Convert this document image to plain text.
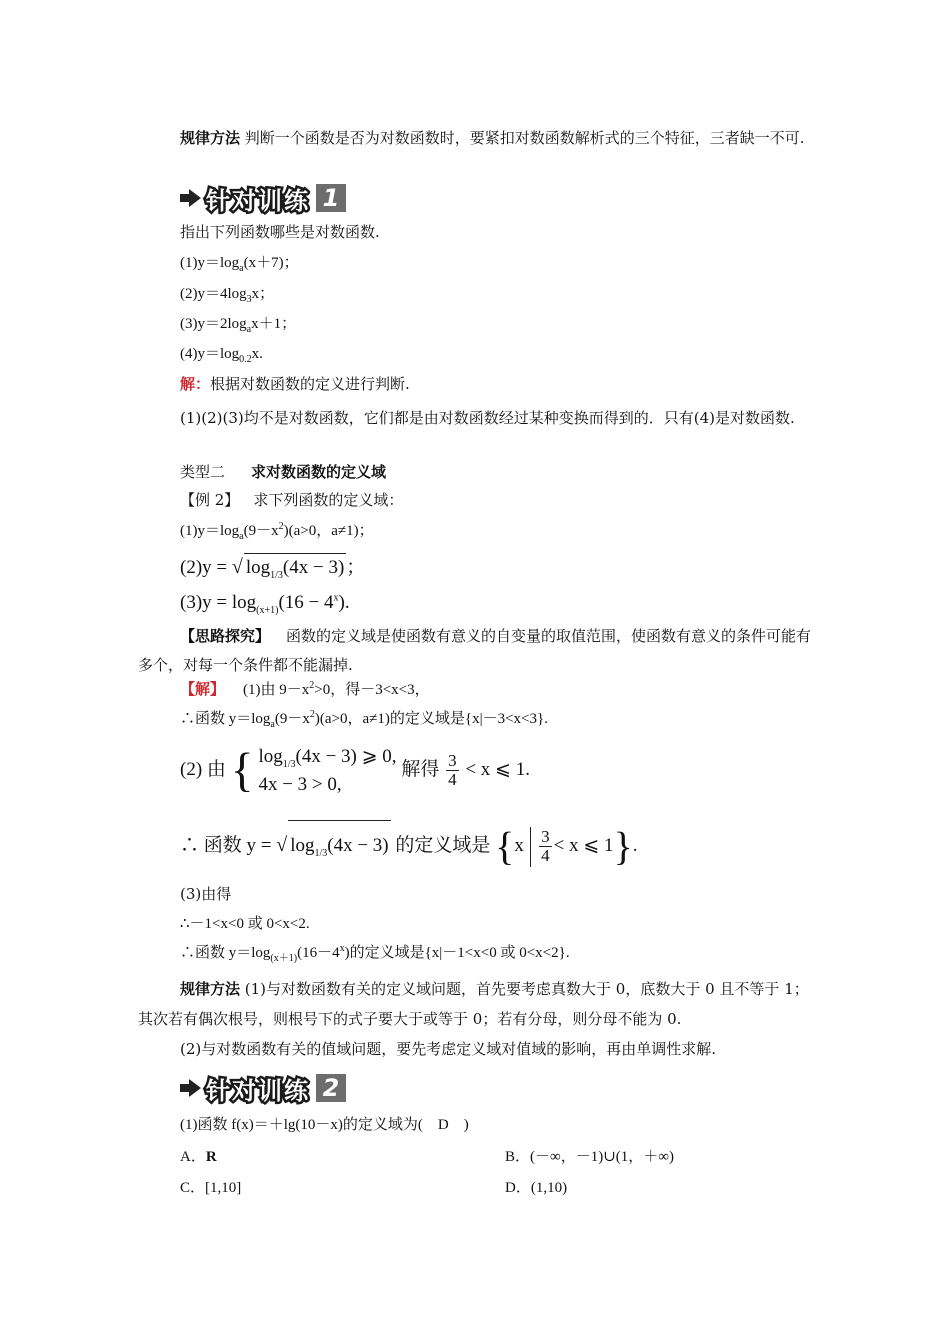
规律方法 判断一个函数是否为对数函数时，要紧扣对数函数解析式的三个特征，三者缺一不可.
针对训练 1
指出下列函数哪些是对数函数.
$(1)y=\log_a(x+7)$；
$(2)y=4\log_3x$；
$(3)y=2\log_ax+1$；
$(4)y=\log_{0.2}x$.
解：根据对数函数的定义进行判断.
(1)(2)(3)均不是对数函数，它们都是由对数函数经过某种变换而得到的．只有(4)是对数函数.
类型二 求对数函数的定义域
【例 2】 求下列函数的定义域：
$(1)y=\log_a(9-x^2)(a>0$，a≠1)；
(2)y = √ $\log_{1/3}(4x - 3)$ ；
$(3)y = \log_{(x+1)}(16 - 4^x)$.
【思路探究】 函数的定义域是使函数有意义的自变量的取值范围，使函数有意义的条件可能有多个，对每一个条件都不能漏掉.
【解】 (1)由 $9-x^2>0$，得－3<x<3，
∴函数 $y=\log_a(9-x^2)(a>0$，a≠1)的定义域是{x|－3<x<3}.
(2) 由 { $\log_{1/3}(4x - 3)$ ⩾ 0,
4x − 3 > 0,
解得 $\frac{3}{4} < x$ ⩽ 1.
∴ 函数 y = √ $\log_{1/3}(4x - 3)$ 的定义域是 {$x \frac{3}{4} < x$ ⩽ 1}.
(3)由得
∴－1<x<0 或 0<x<2.
∴函数 $y=\log_{(x+1)}(16-4^x)$的定义域是{x|－1<x<0 或 0<x<2}.
规律方法 (1)与对数函数有关的定义域问题，首先要考虑真数大于 0，底数大于 0 且不等于 1；其次若有偶次根号，则根号下的式子要大于或等于 0；若有分母，则分母不能为 0.
(2)与对数函数有关的值域问题，要先考虑定义域对值域的影响，再由单调性求解.
针对训练 2
(1)函数 f(x)＝＋lg(10－x)的定义域为(　D　)
A．R	B．(－∞，－1)∪(1，＋∞)
C．[1,10]	D．(1,10)
